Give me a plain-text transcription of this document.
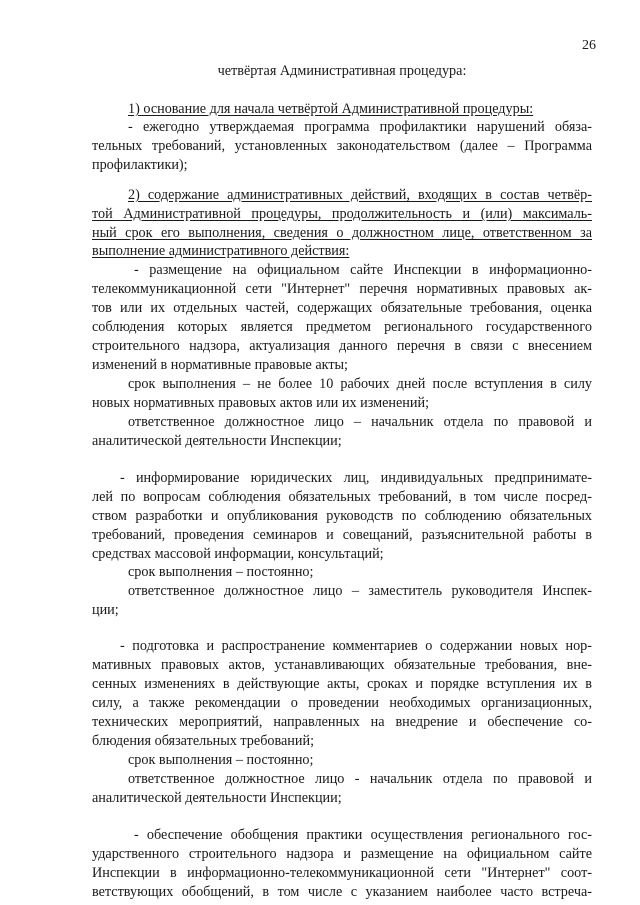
26
четвёртая Административная процедура:
1) основание для начала четвёртой Административной процедуры:
- ежегодно утверждаемая программа профилактики нарушений обяза-
тельных требований, установленных законодательством (далее – Программа
профилактики);
2) содержание административных действий, входящих в состав четвёр-
той Административной процедуры, продолжительность и (или) максималь-
ный срок его выполнения, сведения о должностном лице, ответственном за
выполнение административного действия:
- размещение на официальном сайте Инспекции в информационно-
телекоммуникационной сети "Интернет" перечня нормативных правовых ак-
тов или их отдельных частей, содержащих обязательные требования, оценка
соблюдения которых является предметом регионального государственного
строительного надзора, актуализация данного перечня в связи с внесением
изменений в нормативные правовые акты;
срок выполнения – не более 10 рабочих дней после вступления в силу
новых нормативных правовых актов или их изменений;
ответственное должностное лицо – начальник отдела по правовой и
аналитической деятельности Инспекции;
- информирование юридических лиц, индивидуальных предпринимате-
лей по вопросам соблюдения обязательных требований, в том числе посред-
ством разработки и опубликования руководств по соблюдению обязательных
требований, проведения семинаров и совещаний, разъяснительной работы в
средствах массовой информации, консультаций;
срок выполнения – постоянно;
ответственное должностное лицо – заместитель руководителя Инспек-
ции;
- подготовка и распространение комментариев о содержании новых нор-
мативных правовых актов, устанавливающих обязательные требования, вне-
сенных изменениях в действующие акты, сроках и порядке вступления их в
силу, а также рекомендации о проведении необходимых организационных,
технических мероприятий, направленных на внедрение и обеспечение со-
блюдения обязательных требований;
срок выполнения – постоянно;
ответственное должностное лицо - начальник отдела по правовой и
аналитической деятельности Инспекции;
- обеспечение обобщения практики осуществления регионального гос-
ударственного строительного надзора и размещение на официальном сайте
Инспекции в информационно-телекоммуникационной сети "Интернет" соот-
ветствующих обобщений, в том числе с указанием наиболее часто встреча-
